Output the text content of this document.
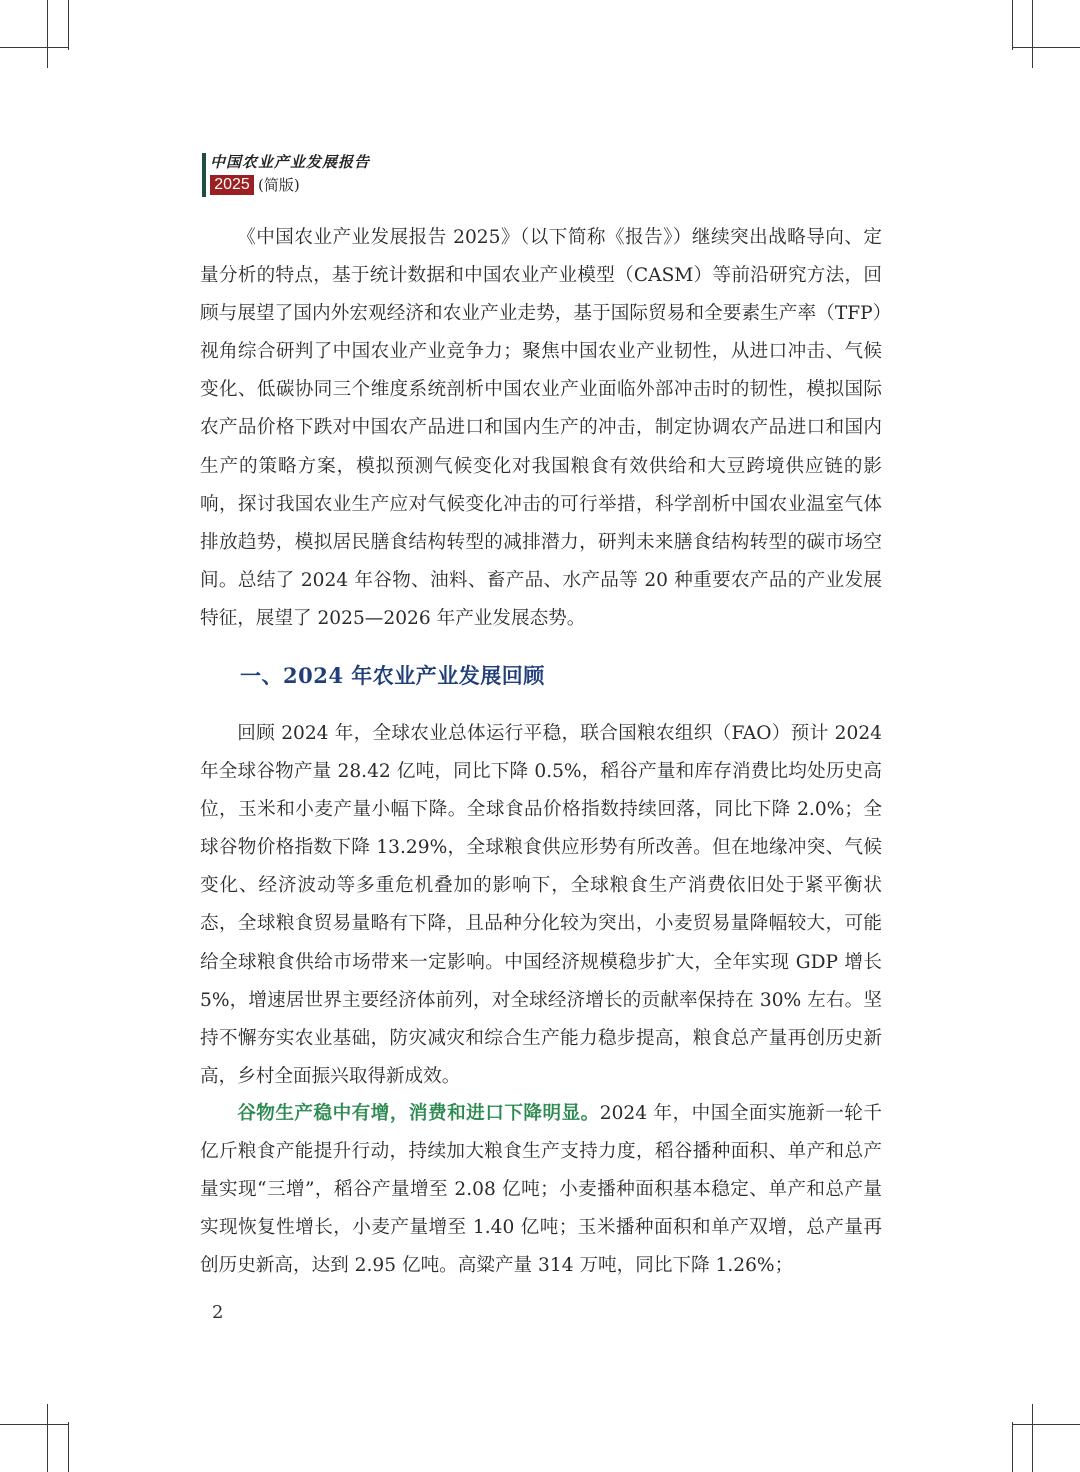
中国农业产业发展报告
2025 (简版)
《中国农业产业发展报告 2025》（以下简称《报告》）继续突出战略导向、定量分析的特点，基于统计数据和中国农业产业模型（CASM）等前沿研究方法，回顾与展望了国内外宏观经济和农业产业走势，基于国际贸易和全要素生产率（TFP）视角综合研判了中国农业产业竞争力；聚焦中国农业产业韧性，从进口冲击、气候变化、低碳协同三个维度系统剖析中国农业产业面临外部冲击时的韧性，模拟国际农产品价格下跌对中国农产品进口和国内生产的冲击，制定协调农产品进口和国内生产的策略方案，模拟预测气候变化对我国粮食有效供给和大豆跨境供应链的影响，探讨我国农业生产应对气候变化冲击的可行举措，科学剖析中国农业温室气体排放趋势，模拟居民膳食结构转型的减排潜力，研判未来膳食结构转型的碳市场空间。总结了 2024 年谷物、油料、畜产品、水产品等 20 种重要农产品的产业发展特征，展望了 2025—2026 年产业发展态势。
一、2024 年农业产业发展回顾
回顾 2024 年，全球农业总体运行平稳，联合国粮农组织（FAO）预计 2024 年全球谷物产量 28.42 亿吨，同比下降 0.5%，稻谷产量和库存消费比均处历史高位，玉米和小麦产量小幅下降。全球食品价格指数持续回落，同比下降 2.0%；全球谷物价格指数下降 13.29%，全球粮食供应形势有所改善。但在地缘冲突、气候变化、经济波动等多重危机叠加的影响下，全球粮食生产消费依旧处于紧平衡状态，全球粮食贸易量略有下降，且品种分化较为突出，小麦贸易量降幅较大，可能给全球粮食供给市场带来一定影响。中国经济规模稳步扩大，全年实现 GDP 增长 5%，增速居世界主要经济体前列，对全球经济增长的贡献率保持在 30% 左右。坚持不懈夯实农业基础，防灾减灾和综合生产能力稳步提高，粮食总产量再创历史新高，乡村全面振兴取得新成效。
谷物生产稳中有增，消费和进口下降明显。2024 年，中国全面实施新一轮千亿斤粮食产能提升行动，持续加大粮食生产支持力度，稻谷播种面积、单产和总产量实现“三增”，稻谷产量增至 2.08 亿吨；小麦播种面积基本稳定、单产和总产量实现恢复性增长，小麦产量增至 1.40 亿吨；玉米播种面积和单产双增，总产量再创历史新高，达到 2.95 亿吨。高粱产量 314 万吨，同比下降 1.26%；
2
